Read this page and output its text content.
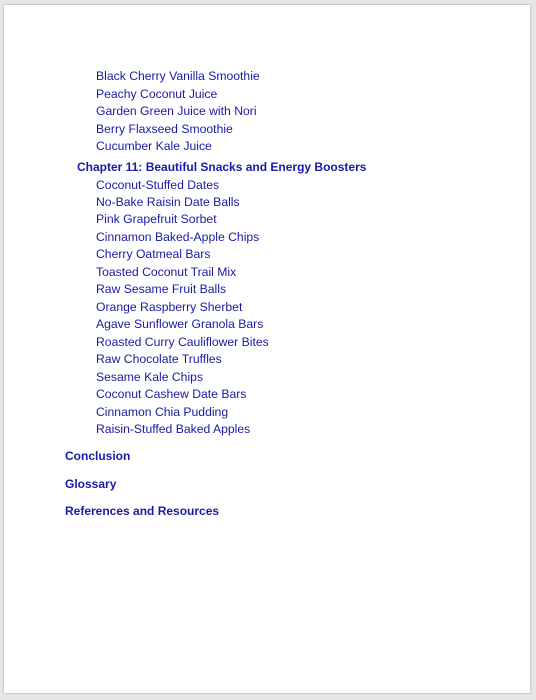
Black Cherry Vanilla Smoothie
Peachy Coconut Juice
Garden Green Juice with Nori
Berry Flaxseed Smoothie
Cucumber Kale Juice
Chapter 11: Beautiful Snacks and Energy Boosters
Coconut-Stuffed Dates
No-Bake Raisin Date Balls
Pink Grapefruit Sorbet
Cinnamon Baked-Apple Chips
Cherry Oatmeal Bars
Toasted Coconut Trail Mix
Raw Sesame Fruit Balls
Orange Raspberry Sherbet
Agave Sunflower Granola Bars
Roasted Curry Cauliflower Bites
Raw Chocolate Truffles
Sesame Kale Chips
Coconut Cashew Date Bars
Cinnamon Chia Pudding
Raisin-Stuffed Baked Apples
Conclusion
Glossary
References and Resources
